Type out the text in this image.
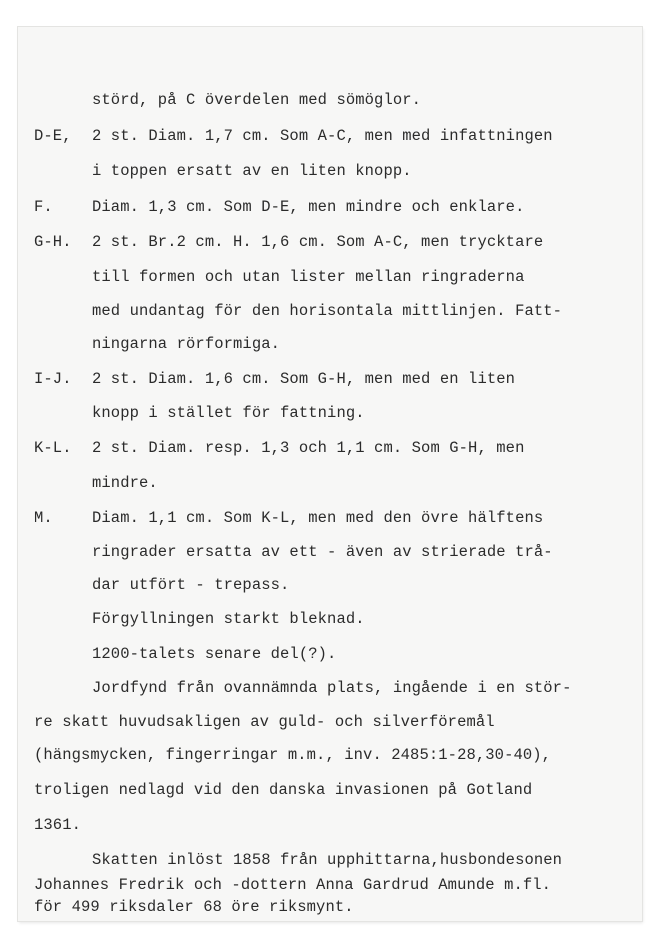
störd, på C överdelen med sömöglor.
D-E, 2 st. Diam. 1,7 cm. Som A-C, men med infattningen
i toppen ersatt av en liten knopp.
F.	Diam. 1,3 cm. Som D-E, men mindre och enklare.
G-H. 2 st. Br.2 cm. H. 1,6 cm. Som A-C, men trycktare
till formen och utan lister mellan ringraderna
med undantag för den horisontala mittlinjen. Fatt-
ningarna rörformiga.
I-J. 2 st. Diam. 1,6 cm. Som G-H, men med en liten
knopp i stället för fattning.
K-L. 2 st. Diam. resp. 1,3 och 1,1 cm. Som G-H, men
mindre.
M.	Diam. 1,1 cm. Som K-L, men med den övre hälftens
ringrader ersatta av ett - även av strierade trå-
dar utfört - trepass.
Förgyllningen starkt bleknad.
1200-talets senare del(?).
Jordfynd från ovannämnda plats, ingående i en stör-
re skatt huvudsakligen av guld- och silverföremål
(hängsmycken, fingerringar m.m., inv. 2485:1-28,30-40),
troligen nedlagd vid den danska invasionen på Gotland
1361.
Skatten inlöst 1858 från upphittarna,husbondesonen
Johannes Fredrik och -dottern Anna Gardrud Amunde m.fl.
för 499 riksdaler 68 öre riksmynt.
